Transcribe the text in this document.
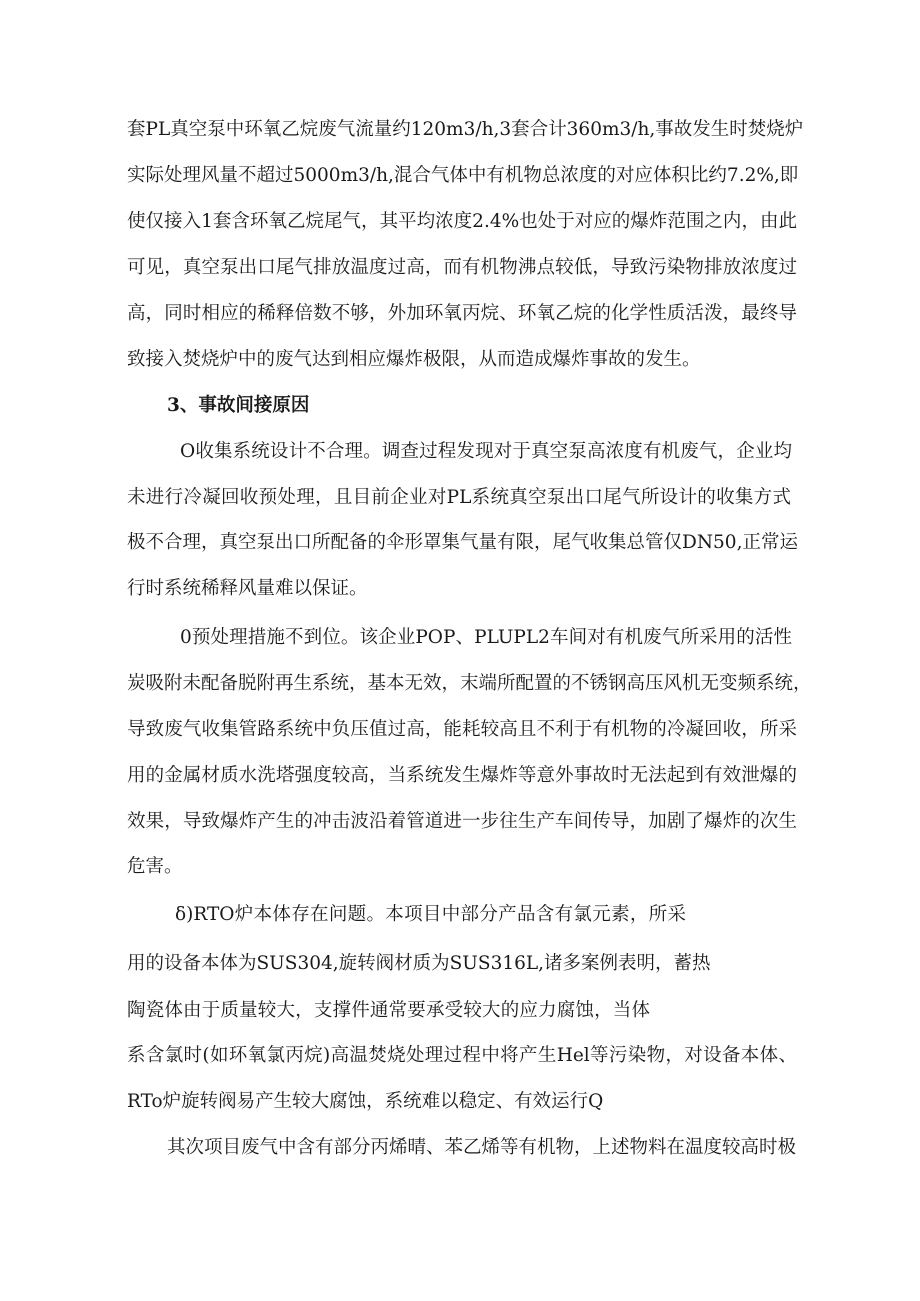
套PL真空泵中环氧乙烷废气流量约120m3∕h,3套合计360m3∕h,事故发生时焚烧炉

实际处理风量不超过5000m3∕h,混合气体中有机物总浓度的对应体积比约7.2%,即

使仅接入1套含环氧乙烷尾气，其平均浓度2.4%也处于对应的爆炸范围之内，由此

可见，真空泵出口尾气排放温度过高，而有机物沸点较低，导致污染物排放浓度过

高，同时相应的稀释倍数不够，外加环氧丙烷、环氧乙烷的化学性质活泼，最终导

致接入焚烧炉中的废气达到相应爆炸极限，从而造成爆炸事故的发生。

3、事故间接原因

O收集系统设计不合理。调查过程发现对于真空泵高浓度有机废气，企业均

未进行冷凝回收预处理，且目前企业对PL系统真空泵出口尾气所设计的收集方式

极不合理，真空泵出口所配备的伞形罩集气量有限，尾气收集总管仅DN50,正常运

行时系统稀释风量难以保证。

0预处理措施不到位。该企业POP、PLUPL2车间对有机废气所采用的活性

炭吸附未配备脱附再生系统，基本无效，末端所配置的不锈钢高压风机无变频系统，

导致废气收集管路系统中负压值过高，能耗较高且不利于有机物的冷凝回收，所采

用的金属材质水洗塔强度较高，当系统发生爆炸等意外事故时无法起到有效泄爆的

效果，导致爆炸产生的冲击波沿着管道进一步往生产车间传导，加剧了爆炸的次生

危害。

δ)RTO炉本体存在问题。本项目中部分产品含有氯元素，所采

用的设备本体为SUS304,旋转阀材质为SUS316L,诸多案例表明，蓄热

陶瓷体由于质量较大，支撑件通常要承受较大的应力腐蚀，当体

系含氯时(如环氧氯丙烷)高温焚烧处理过程中将产生Hel等污染物，对设备本体、

RTo炉旋转阀易产生较大腐蚀，系统难以稳定、有效运行Q

其次项目废气中含有部分丙烯晴、苯乙烯等有机物，上述物料在温度较高时极
